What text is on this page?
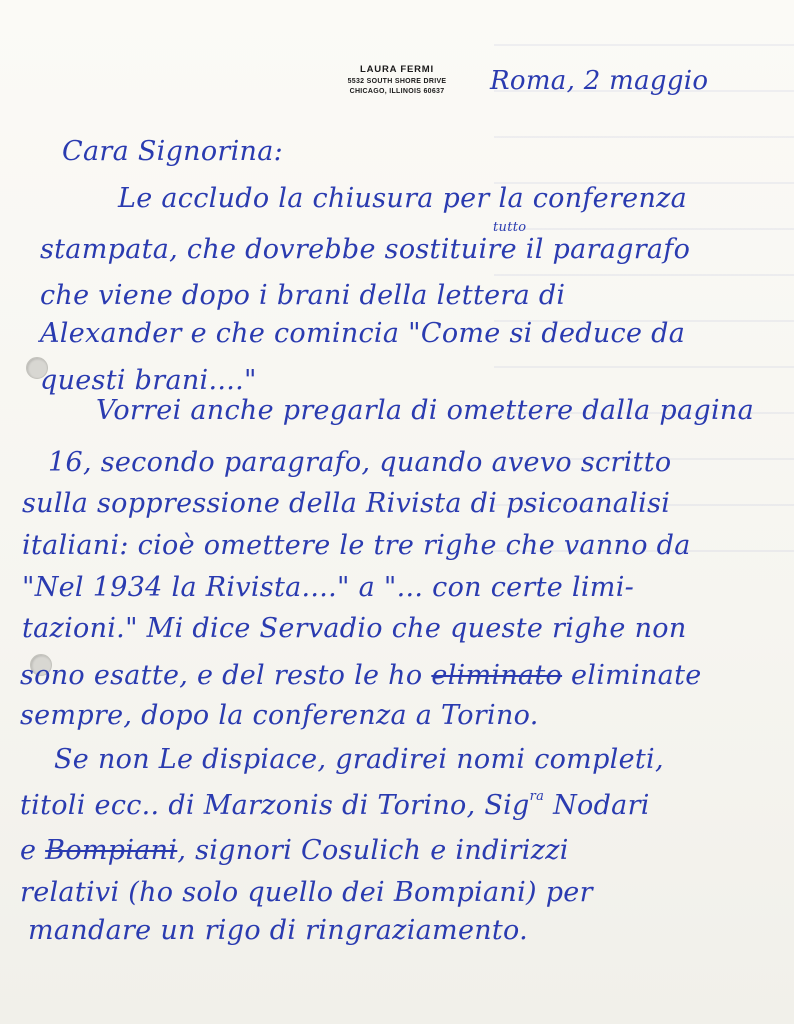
LAURA FERMI
5532 SOUTH SHORE DRIVE
CHICAGO, ILLINOIS 60637	Roma, 2 maggio
Cara Signorina:
Le accludo la chiusura per la conferenza
stampata, che dovrebbe sostituire il paragrafo
tutto
che viene dopo i brani della lettera di
Alexander e che comincia "Come si deduce da
questi brani...."
Vorrei anche pregarla di omettere dalla pagina
16, secondo paragrafo, quando avevo scritto
sulla soppressione della Rivista di psicoanalisi
italiani: cioè omettere le tre righe che vanno da
"Nel 1934 la Rivista...." a "... con certe limi-
tazioni." Mi dice Servadio che queste righe non
sono esatte, e del resto le ho eliminato eliminate
sempre, dopo la conferenza a Torino.
Se non Le dispiace, gradirei nomi completi,
titoli ecc.. di Marzonis di Torino, Sig$^{ra}$ Nodari
e Bompiani, signori Cosulich e indirizzi
relativi (ho solo quello dei Bompiani) per
mandare un rigo di ringraziamento.
